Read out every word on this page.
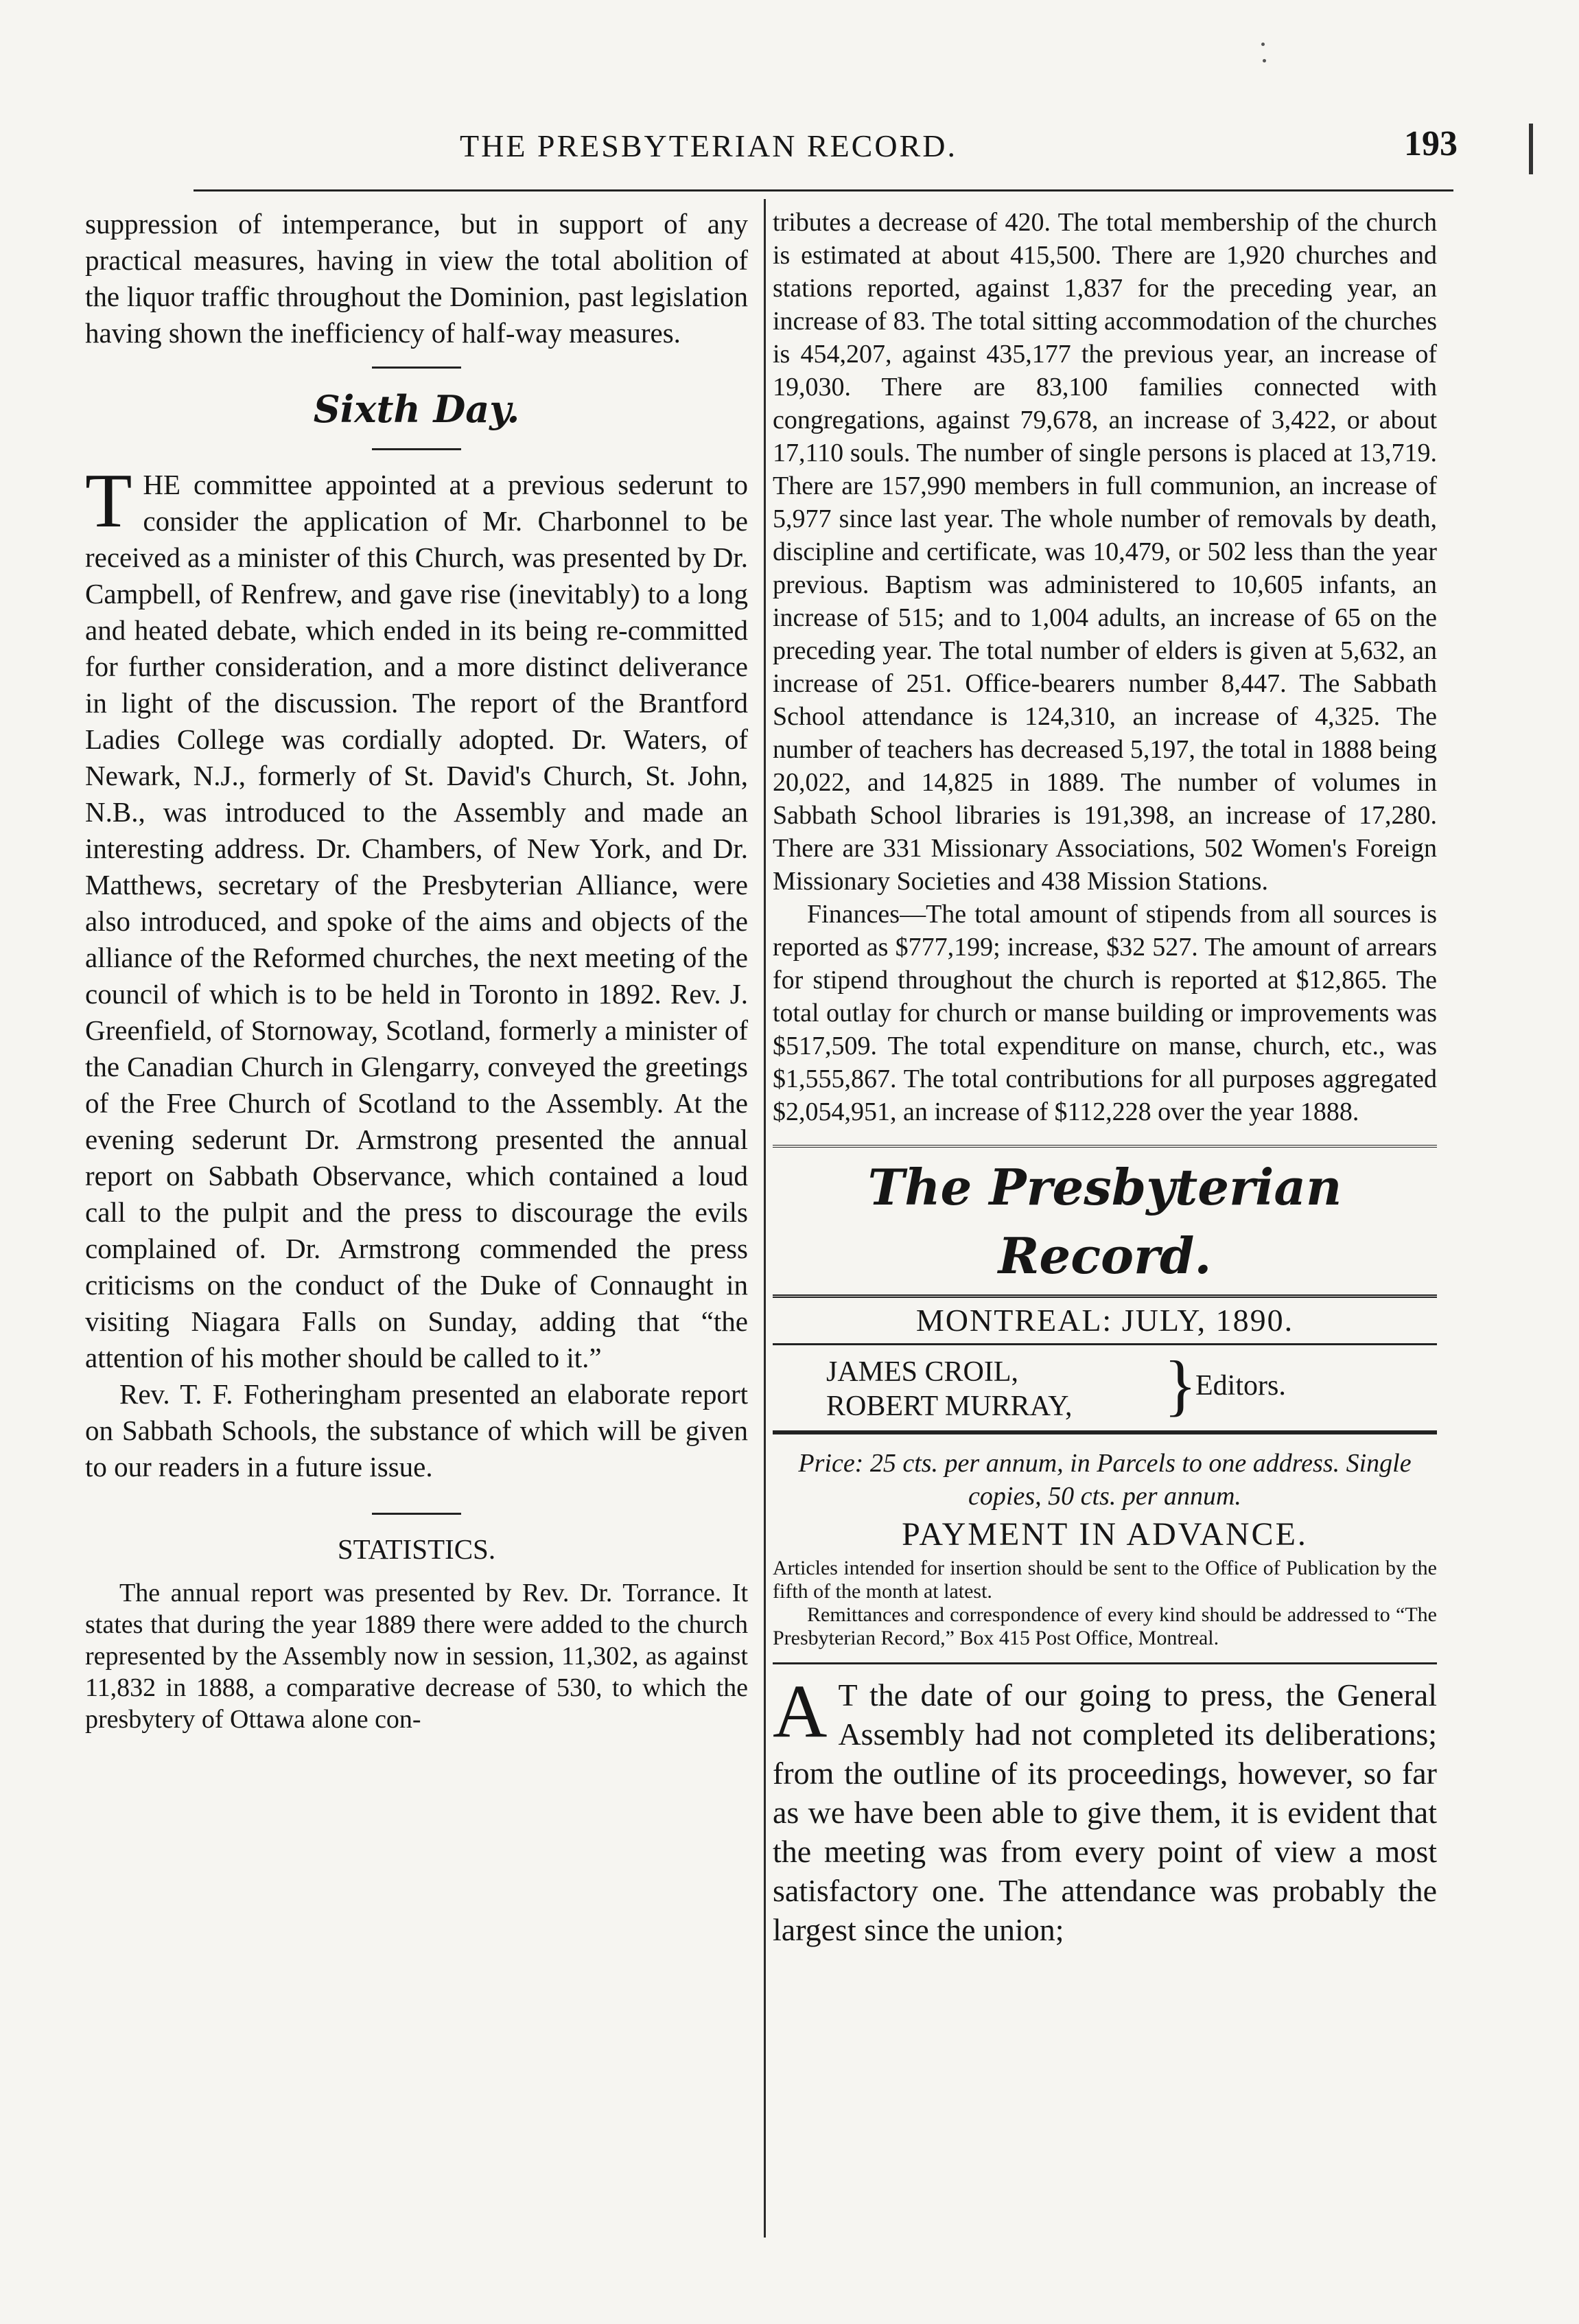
THE PRESBYTERIAN RECORD.	193

suppression of intemperance, but in support of any practical measures, having in view the total abolition of the liquor traffic throughout the Dominion, past legislation having shown the inefficiency of half-way measures.

Sixth Day.

T HE committee appointed at a previous sederunt to consider the application of Mr. Charbonnel to be received as a minister of this Church, was presented by Dr. Campbell, of Renfrew, and gave rise (inevitably) to a long and heated debate, which ended in its being re-committed for further consideration, and a more distinct deliverance in light of the discussion. The report of the Brantford Ladies College was cordially adopted. Dr. Waters, of Newark, N.J., formerly of St. David's Church, St. John, N.B., was introduced to the Assembly and made an interesting address. Dr. Chambers, of New York, and Dr. Matthews, secretary of the Presbyterian Alliance, were also introduced, and spoke of the aims and objects of the alliance of the Reformed churches, the next meeting of the council of which is to be held in Toronto in 1892. Rev. J. Greenfield, of Stornoway, Scotland, formerly a minister of the Canadian Church in Glengarry, conveyed the greetings of the Free Church of Scotland to the Assembly. At the evening sederunt Dr. Armstrong presented the annual report on Sabbath Observance, which contained a loud call to the pulpit and the press to discourage the evils complained of. Dr. Armstrong commended the press criticisms on the conduct of the Duke of Connaught in visiting Niagara Falls on Sunday, adding that “the attention of his mother should be called to it.”

Rev. T. F. Fotheringham presented an elaborate report on Sabbath Schools, the substance of which will be given to our readers in a future issue.

STATISTICS.

The annual report was presented by Rev. Dr. Torrance. It states that during the year 1889 there were added to the church represented by the Assembly now in session, 11,302, as against 11,832 in 1888, a comparative decrease of 530, to which the presbytery of Ottawa alone con-

tributes a decrease of 420. The total membership of the church is estimated at about 415,500. There are 1,920 churches and stations reported, against 1,837 for the preceding year, an increase of 83. The total sitting accommodation of the churches is 454,207, against 435,177 the previous year, an increase of 19,030. There are 83,100 families connected with congregations, against 79,678, an increase of 3,422, or about 17,110 souls. The number of single persons is placed at 13,719. There are 157,990 members in full communion, an increase of 5,977 since last year. The whole number of removals by death, discipline and certificate, was 10,479, or 502 less than the year previous. Baptism was administered to 10,605 infants, an increase of 515; and to 1,004 adults, an increase of 65 on the preceding year. The total number of elders is given at 5,632, an increase of 251. Office-bearers number 8,447. The Sabbath School attendance is 124,310, an increase of 4,325. The number of teachers has decreased 5,197, the total in 1888 being 20,022, and 14,825 in 1889. The number of volumes in Sabbath School libraries is 191,398, an increase of 17,280. There are 331 Missionary Associations, 502 Women's Foreign Missionary Societies and 438 Mission Stations.

Finances—The total amount of stipends from all sources is reported as $777,199; increase, $32 527. The amount of arrears for stipend throughout the church is reported at $12,865. The total outlay for church or manse building or improvements was $517,509. The total expenditure on manse, church, etc., was $1,555,867. The total contributions for all purposes aggregated $2,054,951, an increase of $112,228 over the year 1888.

The Presbyterian Record.
MONTREAL: JULY, 1890.
JAMES CROIL,
ROBERT MURRAY, }
Editors.

Price: 25 cts. per annum, in Parcels to one address. Single copies, 50 cts. per annum.

PAYMENT IN ADVANCE.

Articles intended for insertion should be sent to the Office of Publication by the fifth of the month at latest.

Remittances and correspondence of every kind should be addressed to “The Presbyterian Record,” Box 415 Post Office, Montreal.

A T the date of our going to press, the General Assembly had not completed its deliberations; from the outline of its proceedings, however, so far as we have been able to give them, it is evident that the meeting was from every point of view a most satisfactory one. The attendance was probably the largest since the union;
